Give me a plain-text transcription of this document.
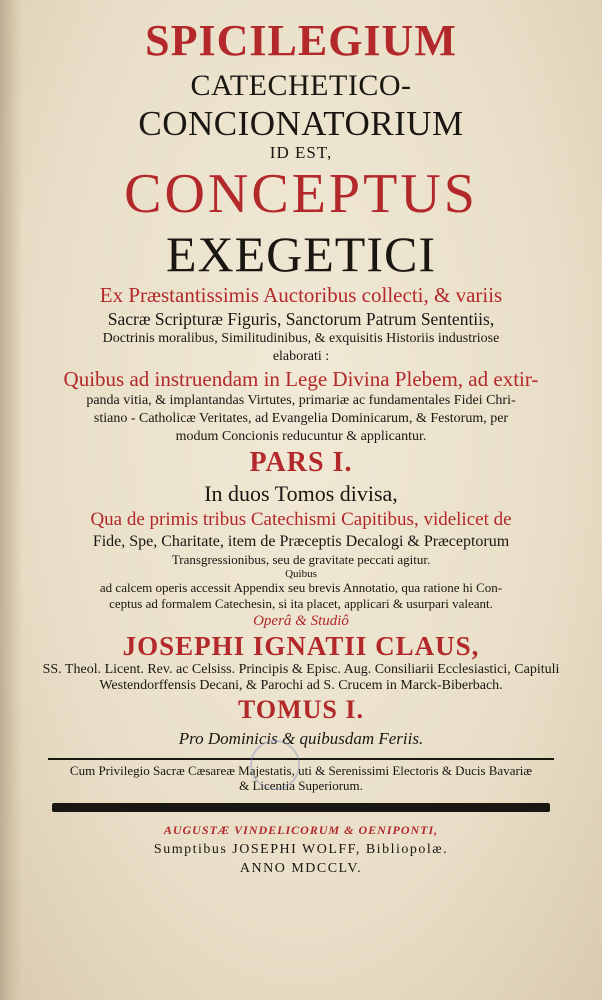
SPICILEGIUM
CATECHETICO-
CONCIONATORIUM
ID EST,
CONCEPTUS
EXEGETICI
Ex Præstantissimis Auctoribus collecti, & variis
Sacræ Scripturæ Figuris, Sanctorum Patrum Sententiis,
Doctrinis moralibus, Similitudinibus, & exquisitis Historiis industriose
elaborati :
Quibus ad instruendam in Lege Divina Plebem, ad extir-
panda vitia, & implantandas Virtutes, primariæ ac fundamentales Fidei Chri-
stiano - Catholicæ Veritates, ad Evangelia Dominicarum, & Festorum, per
modum Concionis reducuntur & applicantur.
PARS I.
In duos Tomos divisa,
Qua de primis tribus Catechismi Capitibus, videlicet de
Fide, Spe, Charitate, item de Præceptis Decalogi & Præceptorum
Transgressionibus, seu de gravitate peccati agitur.
Quibus
ad calcem operis accessit Appendix seu brevis Annotatio, qua ratione hi Con-
ceptus ad formalem Catechesin, si ita placet, applicari & usurpari valeant.
Operâ & Studiô
JOSEPHI IGNATII CLAUS,
SS. Theol. Licent. Rev. ac Celsiss. Principis & Episc. Aug. Consiliarii Ecclesiastici, Capituli
Westendorffensis Decani, & Parochi ad S. Crucem in Marck-Biberbach.
TOMUS I.
Pro Dominicis & quibusdam Feriis.
Cum Privilegio Sacræ Cæsareæ Majestatis, uti & Serenissimi Electoris & Ducis Bavariæ
& Licentia Superiorum.
AUGUSTÆ VINDELICORUM & OENIPONTI,
Sumptibus JOSEPHI WOLFF, Bibliopolæ.
ANNO MDCCLV.
